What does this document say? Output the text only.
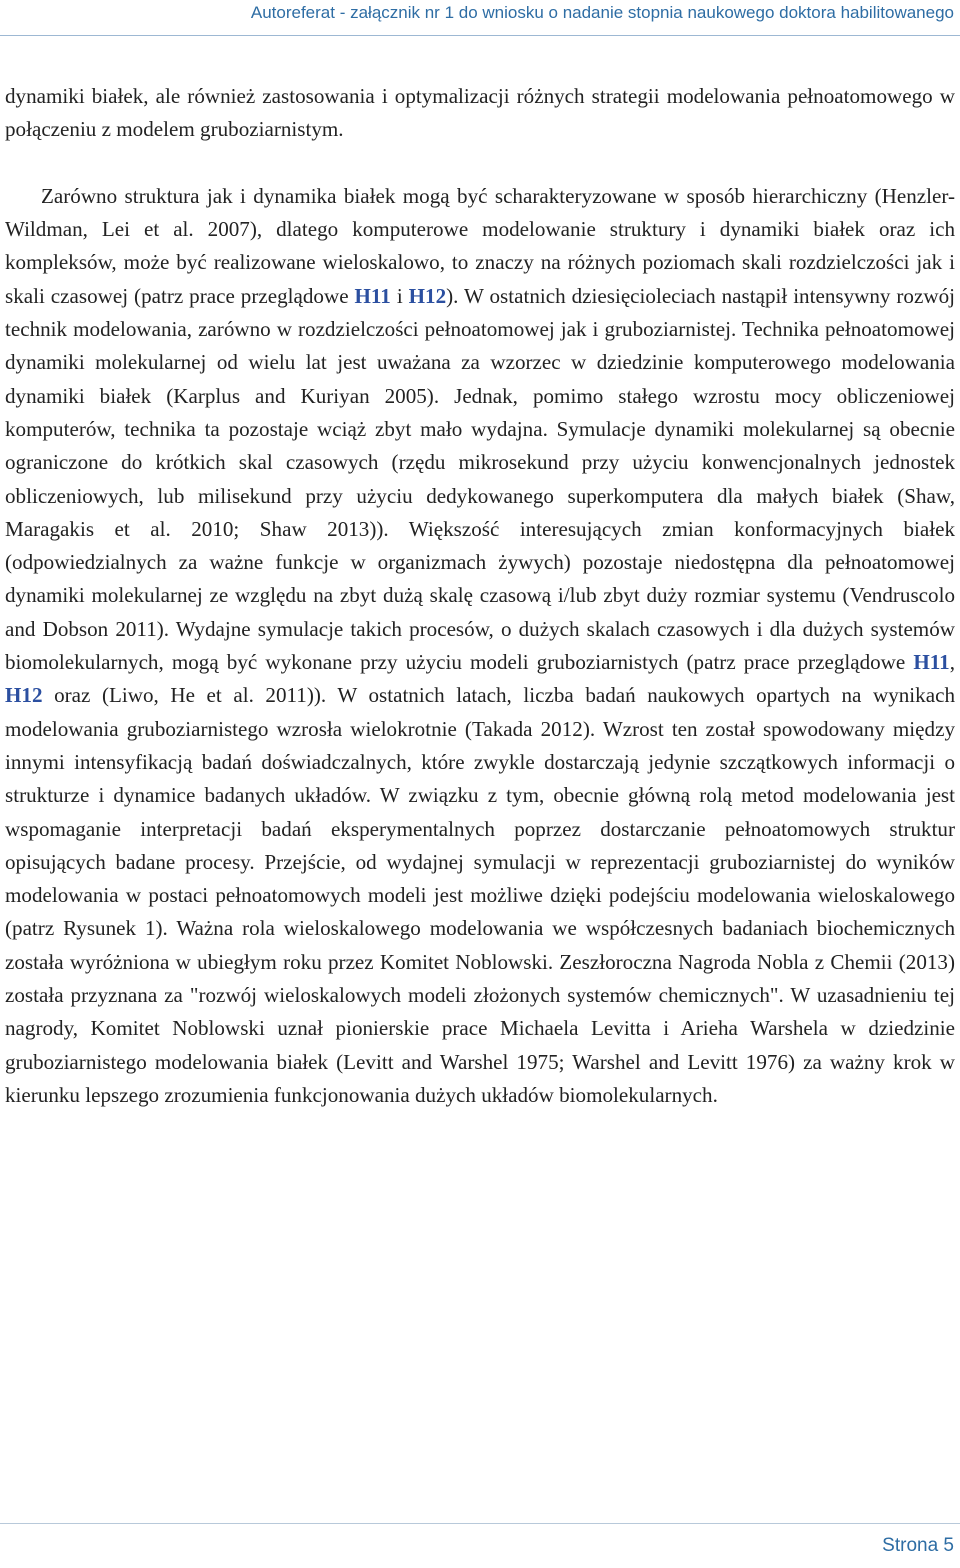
Autoreferat - załącznik nr 1 do wniosku o nadanie stopnia naukowego doktora habilitowanego

dynamiki białek, ale również zastosowania i optymalizacji różnych strategii modelowania pełnoatomowego w połączeniu z modelem gruboziarnistym.

Zarówno struktura jak i dynamika białek mogą być scharakteryzowane w sposób hierarchiczny (Henzler-Wildman, Lei et al. 2007), dlatego komputerowe modelowanie struktury i dynamiki białek oraz ich kompleksów, może być realizowane wieloskalowo, to znaczy na różnych poziomach skali rozdzielczości jak i skali czasowej (patrz prace przeglądowe H11 i H12). W ostatnich dziesięcioleciach nastąpił intensywny rozwój technik modelowania, zarówno w rozdzielczości pełnoatomowej jak i gruboziarnistej. Technika pełnoatomowej dynamiki molekularnej od wielu lat jest uważana za wzorzec w dziedzinie komputerowego modelowania dynamiki białek (Karplus and Kuriyan 2005). Jednak, pomimo stałego wzrostu mocy obliczeniowej komputerów, technika ta pozostaje wciąż zbyt mało wydajna. Symulacje dynamiki molekularnej są obecnie ograniczone do krótkich skal czasowych (rzędu mikrosekund przy użyciu konwencjonalnych jednostek obliczeniowych, lub milisekund przy użyciu dedykowanego superkomputera dla małych białek (Shaw, Maragakis et al. 2010; Shaw 2013)). Większość interesujących zmian konformacyjnych białek (odpowiedzialnych za ważne funkcje w organizmach żywych) pozostaje niedostępna dla pełnoatomowej dynamiki molekularnej ze względu na zbyt dużą skalę czasową i/lub zbyt duży rozmiar systemu (Vendruscolo and Dobson 2011). Wydajne symulacje takich procesów, o dużych skalach czasowych i dla dużych systemów biomolekularnych, mogą być wykonane przy użyciu modeli gruboziarnistych (patrz prace przeglądowe H11, H12 oraz (Liwo, He et al. 2011)). W ostatnich latach, liczba badań naukowych opartych na wynikach modelowania gruboziarnistego wzrosła wielokrotnie (Takada 2012). Wzrost ten został spowodowany między innymi intensyfikacją badań doświadczalnych, które zwykle dostarczają jedynie szczątkowych informacji o strukturze i dynamice badanych układów. W związku z tym, obecnie główną rolą metod modelowania jest wspomaganie interpretacji badań eksperymentalnych poprzez dostarczanie pełnoatomowych struktur opisujących badane procesy. Przejście, od wydajnej symulacji w reprezentacji gruboziarnistej do wyników modelowania w postaci pełnoatomowych modeli jest możliwe dzięki podejściu modelowania wieloskalowego (patrz Rysunek 1). Ważna rola wieloskalowego modelowania we współczesnych badaniach biochemicznych została wyróżniona w ubiegłym roku przez Komitet Noblowski. Zeszłoroczna Nagroda Nobla z Chemii (2013) została przyznana za "rozwój wieloskalowych modeli złożonych systemów chemicznych". W uzasadnieniu tej nagrody, Komitet Noblowski uznał pionierskie prace Michaela Levitta i Arieha Warshela w dziedzinie gruboziarnistego modelowania białek (Levitt and Warshel 1975; Warshel and Levitt 1976) za ważny krok w kierunku lepszego zrozumienia funkcjonowania dużych układów biomolekularnych.

Strona 5
